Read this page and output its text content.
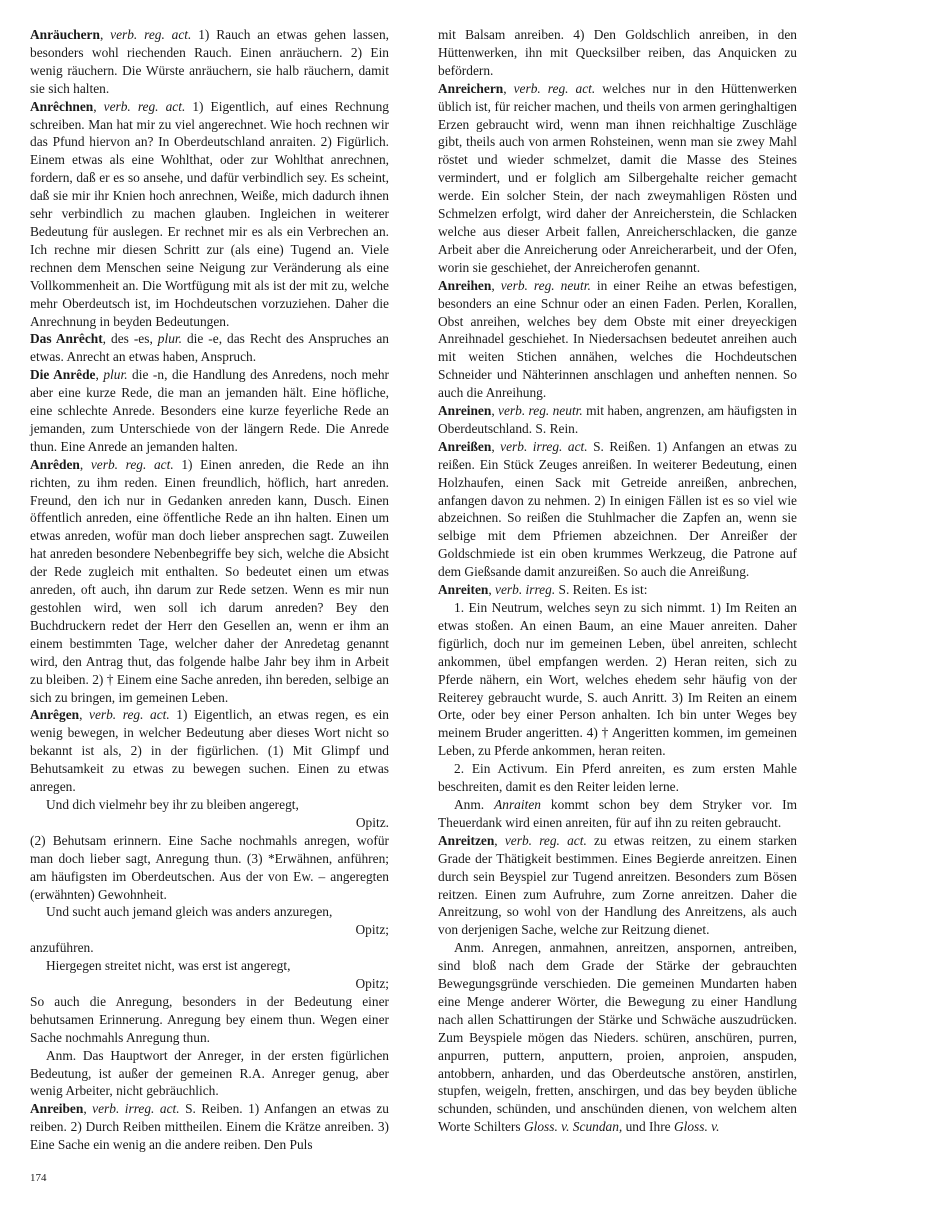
Anräuchern, verb. reg. act. 1) Rauch an etwas gehen lassen, besonders wohl riechenden Rauch. Einen anräuchern. 2) Ein wenig räuchern. Die Würste anräuchern, sie halb räuchern, damit sie sich halten.

Anrêchnen, verb. reg. act. 1) Eigentlich, auf eines Rechnung schreiben. Man hat mir zu viel angerechnet. Wie hoch rechnen wir das Pfund hiervon an? In Oberdeutschland anraiten. 2) Figürlich. Einem etwas als eine Wohlthat, oder zur Wohlthat anrechnen, fordern, daß er es so ansehe, und dafür verbindlich sey. Es scheint, daß sie mir ihr Knien hoch anrechnen, Weiße, mich dadurch ihnen sehr verbindlich zu machen glauben. Ingleichen in weiterer Bedeutung für auslegen. Er rechnet mir es als ein Verbrechen an. Ich rechne mir diesen Schritt zur (als eine) Tugend an. Viele rechnen dem Menschen seine Neigung zur Veränderung als eine Vollkommenheit an. Die Wortfügung mit als ist der mit zu, welche mehr Oberdeutsch ist, im Hochdeutschen vorzuziehen. Daher die Anrechnung in beyden Bedeutungen.

Das Anrêcht, des -es, plur. die -e, das Recht des Anspruches an etwas. Anrecht an etwas haben, Anspruch.

Die Anrêde, plur. die -n, die Handlung des Anredens, noch mehr aber eine kurze Rede, die man an jemanden hält. Eine höfliche, eine schlechte Anrede. Besonders eine kurze feyerliche Rede an jemanden, zum Unterschiede von der längern Rede. Die Anrede thun. Eine Anrede an jemanden halten.

Anrêden, verb. reg. act. 1) Einen anreden, die Rede an ihn richten, zu ihm reden. Einen freundlich, höflich, hart anreden. Freund, den ich nur in Gedanken anreden kann, Dusch. Einen öffentlich anreden, eine öffentliche Rede an ihn halten. Einen um etwas anreden, wofür man doch lieber ansprechen sagt. Zuweilen hat anreden besondere Nebenbegriffe bey sich, welche die Absicht der Rede zugleich mit enthalten. So bedeutet einen um etwas anreden, oft auch, ihn darum zur Rede setzen. Wenn es mir nun gestohlen wird, wen soll ich darum anreden? Bey den Buchdruckern redet der Herr den Gesellen an, wenn er ihm an einem bestimmten Tage, welcher daher der Anredetag genannt wird, den Antrag thut, das folgende halbe Jahr bey ihm in Arbeit zu bleiben. 2) † Einem eine Sache anreden, ihn bereden, selbige an sich zu bringen, im gemeinen Leben.

Anrêgen, verb. reg. act. 1) Eigentlich, an etwas regen, es ein wenig bewegen, in welcher Bedeutung aber dieses Wort nicht so bekannt ist als, 2) in der figürlichen. (1) Mit Glimpf und Behutsamkeit zu etwas zu bewegen suchen. Einen zu etwas anregen.

Und dich vielmehr bey ihr zu bleiben angeregt,

Opitz.

(2) Behutsam erinnern. Eine Sache nochmahls anregen, wofür man doch lieber sagt, Anregung thun. (3) *Erwähnen, anführen; am häufigsten im Oberdeutschen. Aus der von Ew. – angeregten (erwähnten) Gewohnheit.

Und sucht auch jemand gleich was anders anzuregen,

Opitz;

anzuführen.

Hiergegen streitet nicht, was erst ist angeregt,

Opitz;

So auch die Anregung, besonders in der Bedeutung einer behutsamen Erinnerung. Anregung bey einem thun. Wegen einer Sache nochmahls Anregung thun.

Anm. Das Hauptwort der Anreger, in der ersten figürlichen Bedeutung, ist außer der gemeinen R.A. Anreger genug, aber wenig Arbeiter, nicht gebräuchlich.

Anreiben, verb. irreg. act. S. Reiben. 1) Anfangen an etwas zu reiben. 2) Durch Reiben mittheilen. Einem die Krätze anreiben. 3) Eine Sache ein wenig an die andere reiben. Den Puls

mit Balsam anreiben. 4) Den Goldschlich anreiben, in den Hüttenwerken, ihn mit Quecksilber reiben, das Anquicken zu befördern.

Anreichern, verb. reg. act. welches nur in den Hüttenwerken üblich ist, für reicher machen, und theils von armen geringhaltigen Erzen gebraucht wird, wenn man ihnen reichhaltige Zuschläge gibt, theils auch von armen Rohsteinen, wenn man sie zwey Mahl röstet und wieder schmelzet, damit die Masse des Steines vermindert, und er folglich am Silbergehalte reicher gemacht werde. Ein solcher Stein, der nach zweymahligen Rösten und Schmelzen erfolgt, wird daher der Anreicherstein, die Schlacken welche aus dieser Arbeit fallen, Anreicherschlacken, die ganze Arbeit aber die Anreicherung oder Anreicherarbeit, und der Ofen, worin sie geschiehet, der Anreicherofen genannt.

Anreihen, verb. reg. neutr. in einer Reihe an etwas befestigen, besonders an eine Schnur oder an einen Faden. Perlen, Korallen, Obst anreihen, welches bey dem Obste mit einer dreyeckigen Anreihnadel geschiehet. In Niedersachsen bedeutet anreihen auch mit weiten Stichen annähen, welches die Hochdeutschen Schneider und Nähterinnen anschlagen und anheften nennen. So auch die Anreihung.

Anreinen, verb. reg. neutr. mit haben, angrenzen, am häufigsten in Oberdeutschland. S. Rein.

Anreißen, verb. irreg. act. S. Reißen. 1) Anfangen an etwas zu reißen. Ein Stück Zeuges anreißen. In weiterer Bedeutung, einen Holzhaufen, einen Sack mit Getreide anreißen, anbrechen, anfangen davon zu nehmen. 2) In einigen Fällen ist es so viel wie abzeichnen. So reißen die Stuhlmacher die Zapfen an, wenn sie selbige mit dem Pfriemen abzeichnen. Der Anreißer der Goldschmiede ist ein oben krummes Werkzeug, die Patrone auf dem Gießsande damit anzureißen. So auch die Anreißung.

Anreiten, verb. irreg. S. Reiten. Es ist:

1. Ein Neutrum, welches seyn zu sich nimmt. 1) Im Reiten an etwas stoßen. An einen Baum, an eine Mauer anreiten. Daher figürlich, doch nur im gemeinen Leben, übel anreiten, schlecht ankommen, übel empfangen werden. 2) Heran reiten, sich zu Pferde nähern, ein Wort, welches ehedem sehr häufig von der Reiterey gebraucht wurde, S. auch Anritt. 3) Im Reiten an einem Orte, oder bey einer Person anhalten. Ich bin unter Weges bey meinem Bruder angeritten. 4) † Angeritten kommen, im gemeinen Leben, zu Pferde ankommen, heran reiten.

2. Ein Activum. Ein Pferd anreiten, es zum ersten Mahle beschreiten, damit es den Reiter leiden lerne.

Anm. Anraiten kommt schon bey dem Stryker vor. Im Theuerdank wird einen anreiten, für auf ihn zu reiten gebraucht.

Anreitzen, verb. reg. act. zu etwas reitzen, zu einem starken Grade der Thätigkeit bestimmen. Eines Begierde anreitzen. Einen durch sein Beyspiel zur Tugend anreitzen. Besonders zum Bösen reitzen. Einen zum Aufruhre, zum Zorne anreitzen. Daher die Anreitzung, so wohl von der Handlung des Anreitzens, als auch von derjenigen Sache, welche zur Reitzung dienet.

Anm. Anregen, anmahnen, anreitzen, anspornen, antreiben, sind bloß nach dem Grade der Stärke der gebrauchten Bewegungsgründe verschieden. Die gemeinen Mundarten haben eine Menge anderer Wörter, die Bewegung zu einer Handlung nach allen Schattirungen der Stärke und Schwäche auszudrücken. Zum Beyspiele mögen das Nieders. schüren, anschüren, purren, anpurren, puttern, anputtern, proien, anproien, anspuden, antobbern, anharden, und das Oberdeutsche anstören, anstirlen, stupfen, weigeln, fretten, anschirgen, und das bey beyden übliche schunden, schünden, und anschünden dienen, von welchem alten Worte Schilters Gloss. v. Scundan, und Ihre Gloss. v.

174
